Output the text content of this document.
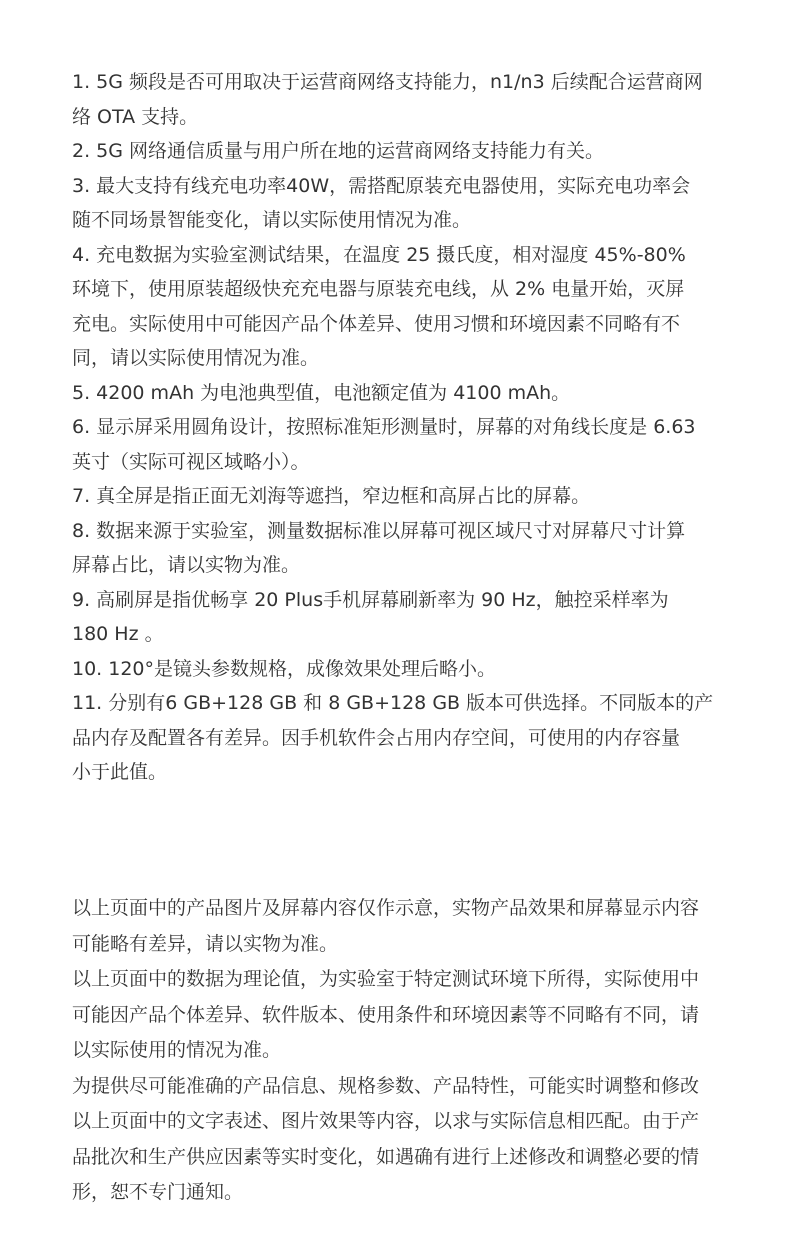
1. 5G 频段是否可用取决于运营商网络支持能力，n1/n3 后续配合运营商网
络 OTA 支持。

2. 5G 网络通信质量与用户所在地的运营商网络支持能力有关。

3. 最大支持有线充电功率40W，需搭配原装充电器使用，实际充电功率会
随不同场景智能变化，请以实际使用情况为准。

4. 充电数据为实验室测试结果，在温度 25 摄氏度，相对湿度 45%-80%
环境下，使用原装超级快充充电器与原装充电线，从 2% 电量开始，灭屏
充电。实际使用中可能因产品个体差异、使用习惯和环境因素不同略有不
同，请以实际使用情况为准。

5. 4200 mAh 为电池典型值，电池额定值为 4100 mAh。

6. 显示屏采用圆角设计，按照标准矩形测量时，屏幕的对角线长度是 6.63
英寸（实际可视区域略小）。

7. 真全屏是指正面无刘海等遮挡，窄边框和高屏占比的屏幕。

8. 数据来源于实验室，测量数据标准以屏幕可视区域尺寸对屏幕尺寸计算
屏幕占比，请以实物为准。

9. 高刷屏是指优畅享 20 Plus手机屏幕刷新率为 90 Hz，触控采样率为
180 Hz 。

10. 120°是镜头参数规格，成像效果处理后略小。

11. 分别有6 GB+128 GB 和 8 GB+128 GB 版本可供选择。不同版本的产
品内存及配置各有差异。因手机软件会占用内存空间，可使用的内存容量
小于此值。

以上页面中的产品图片及屏幕内容仅作示意，实物产品效果和屏幕显示内容
可能略有差异，请以实物为准。

以上页面中的数据为理论值，为实验室于特定测试环境下所得，实际使用中
可能因产品个体差异、软件版本、使用条件和环境因素等不同略有不同，请
以实际使用的情况为准。

为提供尽可能准确的产品信息、规格参数、产品特性，可能实时调整和修改
以上页面中的文字表述、图片效果等内容，以求与实际信息相匹配。由于产
品批次和生产供应因素等实时变化，如遇确有进行上述修改和调整必要的情
形，恕不专门通知。
